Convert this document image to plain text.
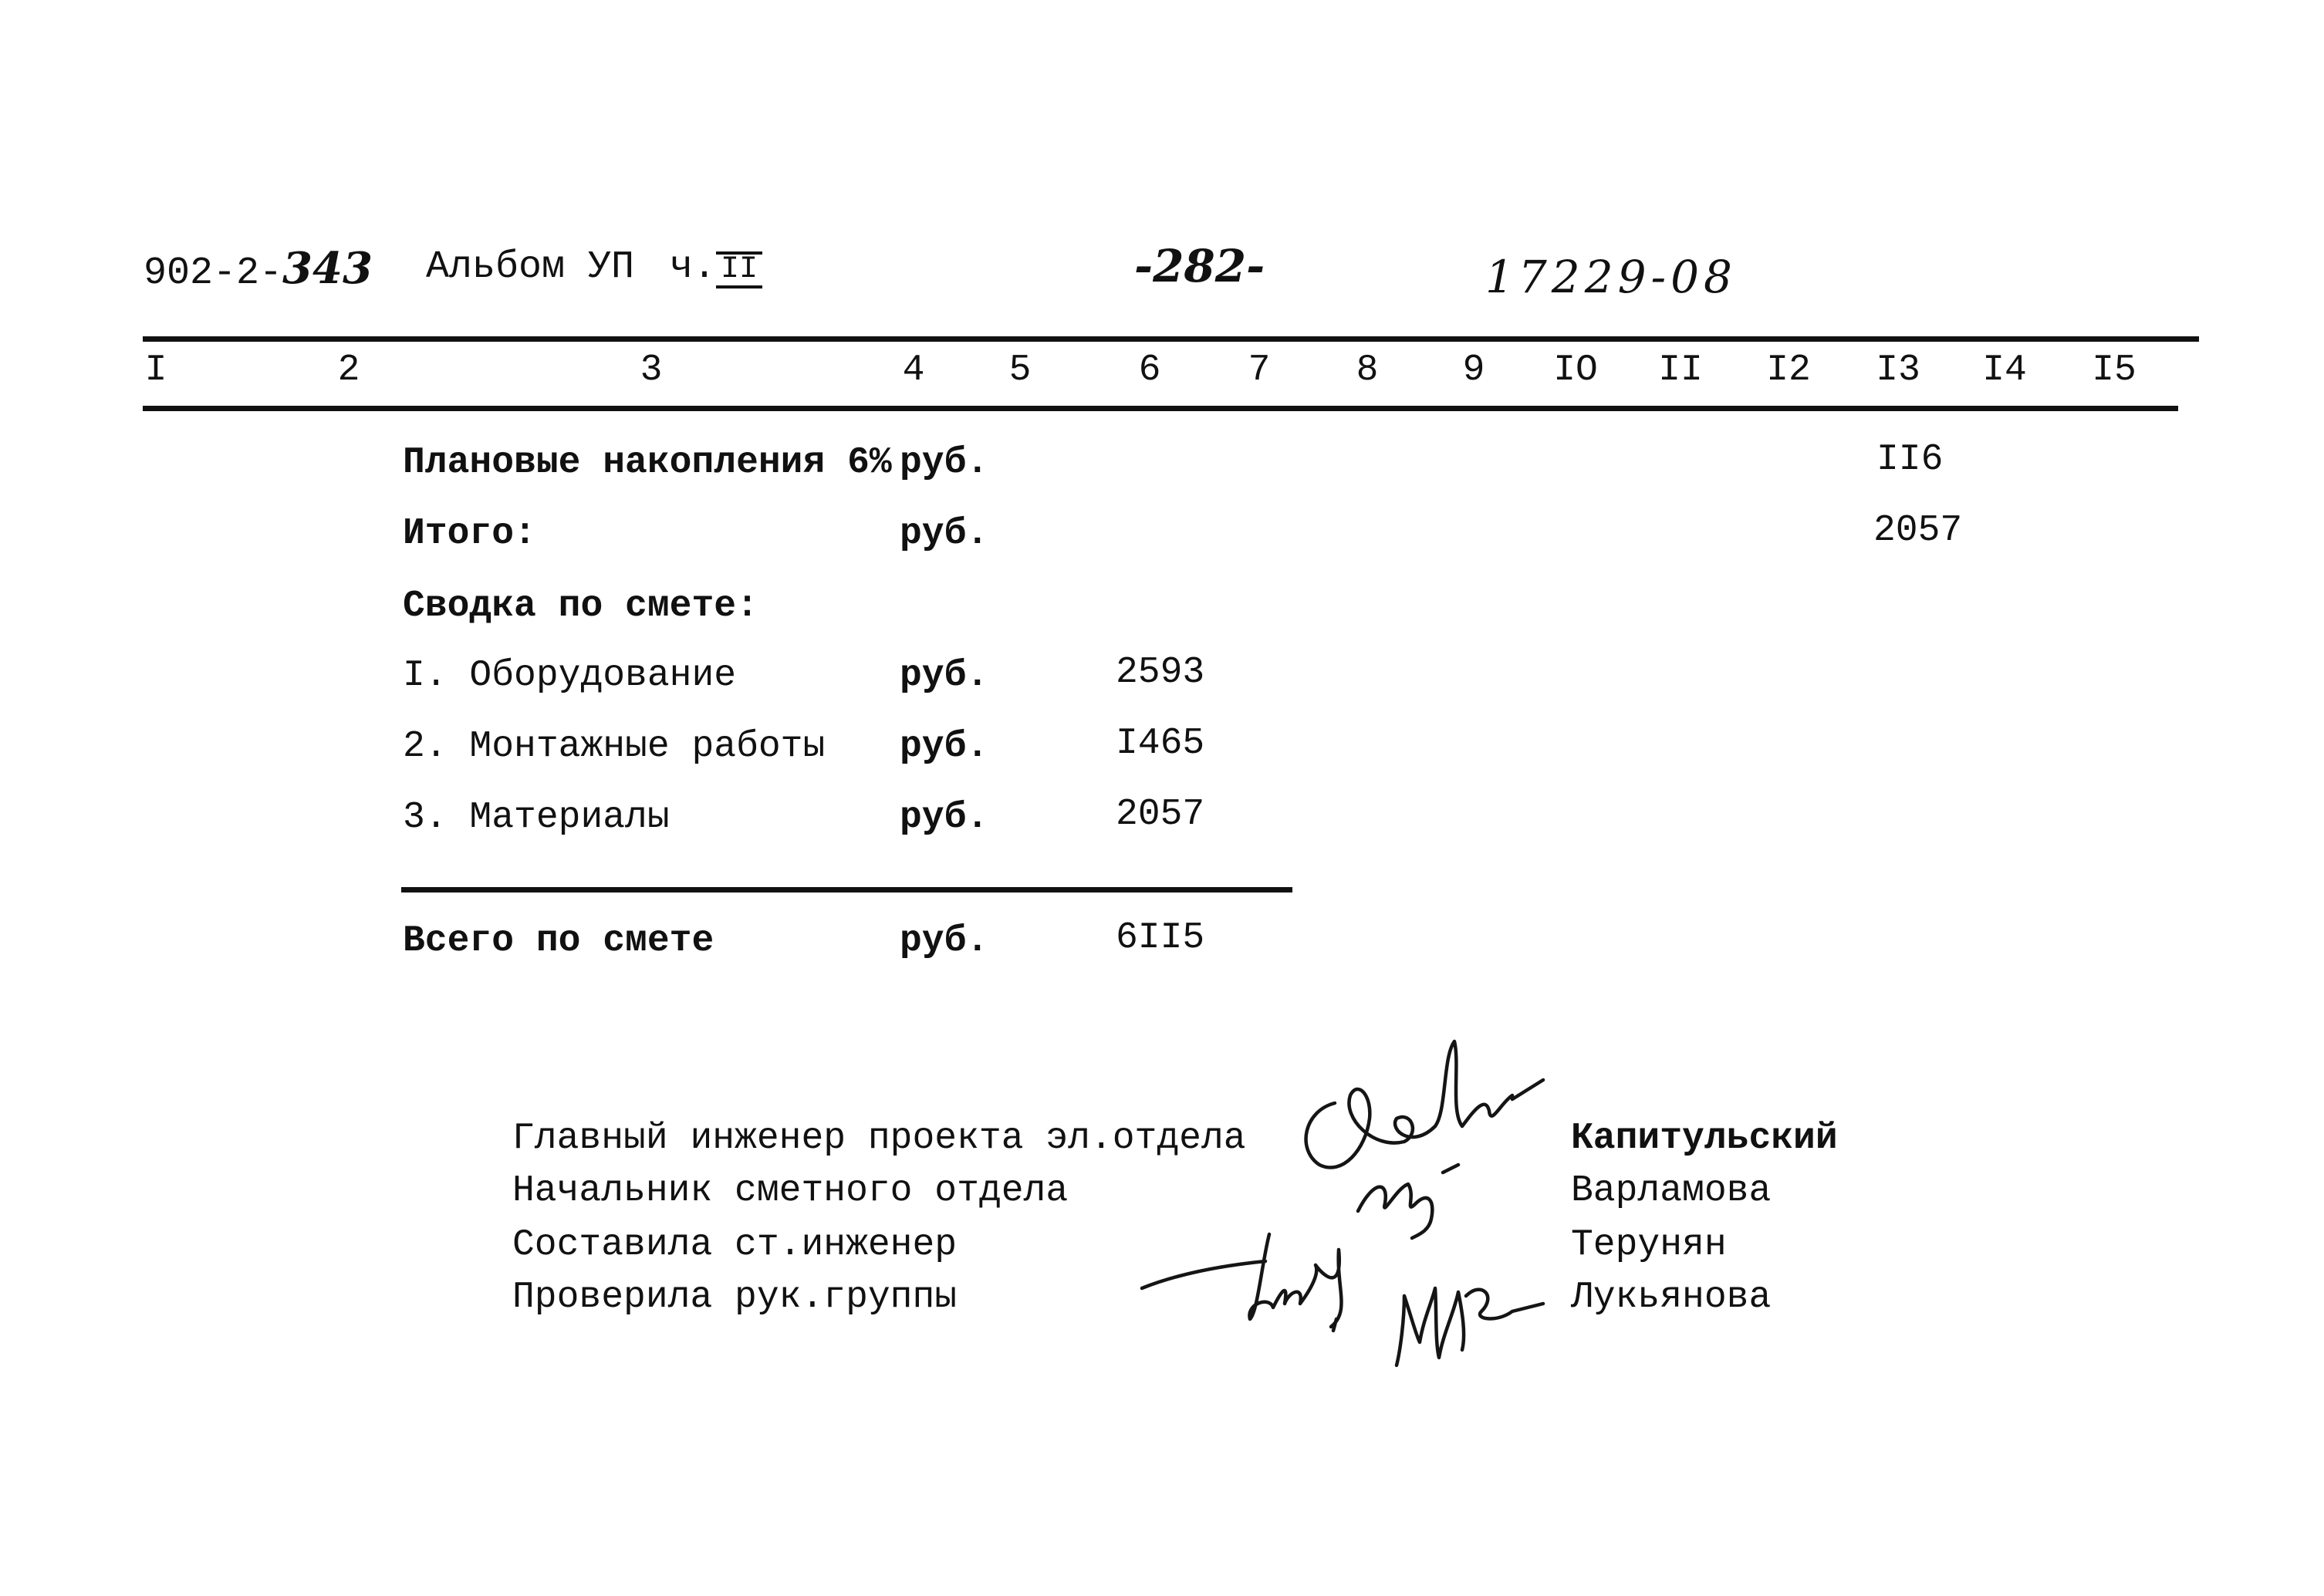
902-2-343 Альбом УП ч. II	-282-	17229-08
I	2	3	4 5	6 7 8 9 IO II I2 I3 I4 I5
Плановые накопления 6% руб.	II6
Итого:	руб.	2057
Сводка по смете:
I. Оборудование	руб.	2593
2. Монтажные работы руб.	I465
3. Материалы	руб.	2057
Всего по смете	руб.	6II5
Главный инженер проекта эл.отдела	Капитульский
Начальник сметного отдела	Варламова
Составила ст.инженер	Терунян
Проверила рук.группы	Лукьянова
